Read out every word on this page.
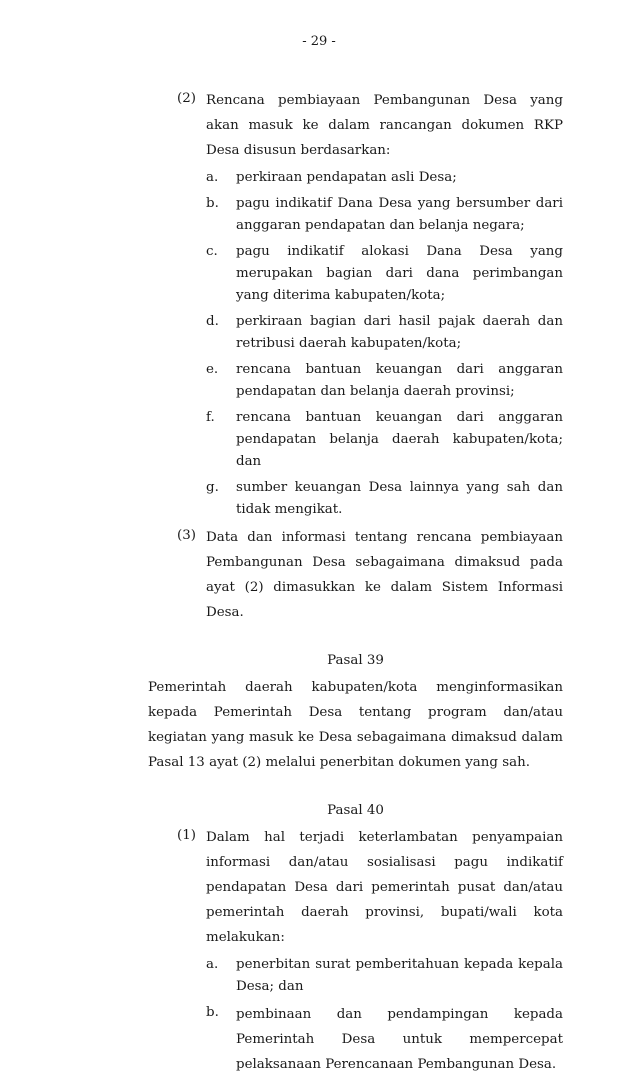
- 29 -
(2) Rencana pembiayaan Pembangunan Desa yang akan masuk ke dalam rancangan dokumen RKP Desa disusun berdasarkan:
a. perkiraan pendapatan asli Desa;
b. pagu indikatif Dana Desa yang bersumber dari anggaran pendapatan dan belanja negara;
c. pagu indikatif alokasi Dana Desa yang merupakan bagian dari dana perimbangan yang diterima kabupaten/kota;
d. perkiraan bagian dari hasil pajak daerah dan retribusi daerah kabupaten/kota;
e. rencana bantuan keuangan dari anggaran pendapatan dan belanja daerah provinsi;
f. rencana bantuan keuangan dari anggaran pendapatan belanja daerah kabupaten/kota; dan
g. sumber keuangan Desa lainnya yang sah dan tidak mengikat.
(3) Data dan informasi tentang rencana pembiayaan Pembangunan Desa sebagaimana dimaksud pada ayat (2) dimasukkan ke dalam Sistem Informasi Desa.
Pasal 39
Pemerintah daerah kabupaten/kota menginformasikan kepada Pemerintah Desa tentang program dan/atau kegiatan yang masuk ke Desa sebagaimana dimaksud dalam Pasal 13 ayat (2) melalui penerbitan dokumen yang sah.
Pasal 40
(1) Dalam hal terjadi keterlambatan penyampaian informasi dan/atau sosialisasi pagu indikatif pendapatan Desa dari pemerintah pusat dan/atau pemerintah daerah provinsi, bupati/wali kota melakukan:
a. penerbitan surat pemberitahuan kepada kepala Desa; dan
b. pembinaan dan pendampingan kepada Pemerintah Desa untuk mempercepat pelaksanaan Perencanaan Pembangunan Desa.
